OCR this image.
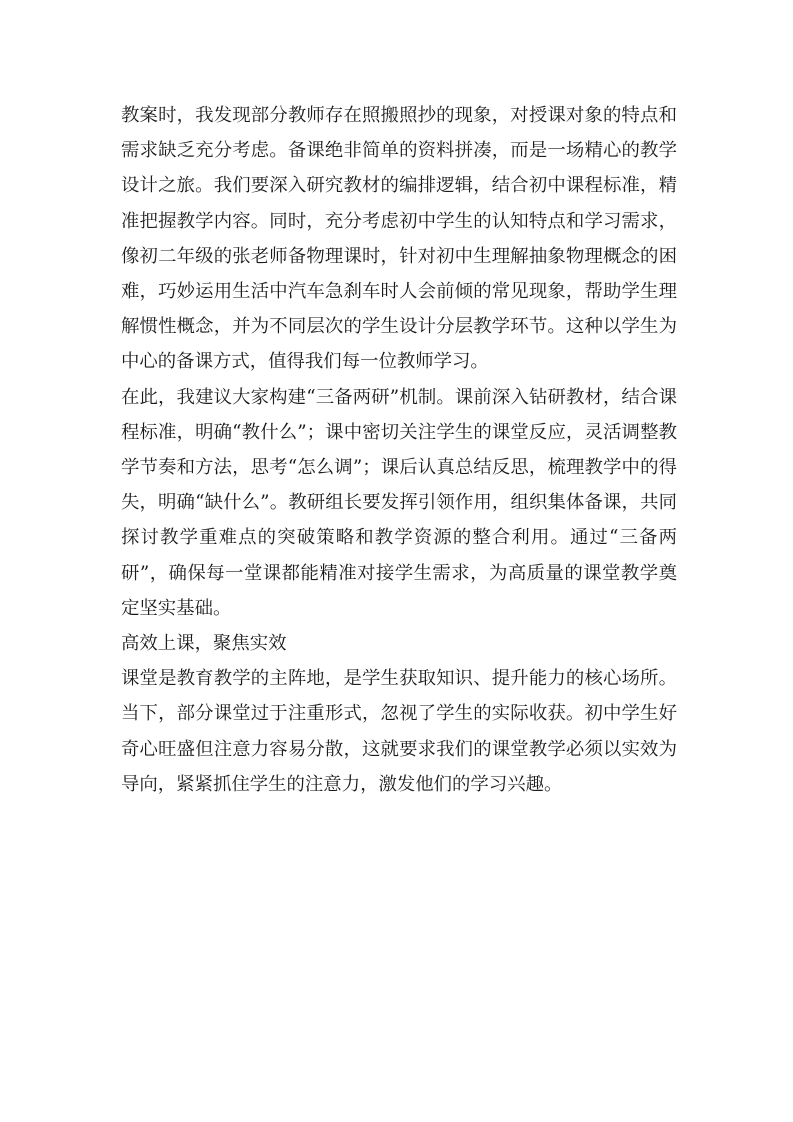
教案时，我发现部分教师存在照搬照抄的现象，对授课对象的特点和需求缺乏充分考虑。备课绝非简单的资料拼凑，而是一场精心的教学设计之旅。我们要深入研究教材的编排逻辑，结合初中课程标准，精准把握教学内容。同时，充分考虑初中学生的认知特点和学习需求，像初二年级的张老师备物理课时，针对初中生理解抽象物理概念的困难，巧妙运用生活中汽车急刹车时人会前倾的常见现象，帮助学生理解惯性概念，并为不同层次的学生设计分层教学环节。这种以学生为中心的备课方式，值得我们每一位教师学习。

在此，我建议大家构建“三备两研”机制。课前深入钻研教材，结合课程标准，明确“教什么”；课中密切关注学生的课堂反应，灵活调整教学节奏和方法，思考“怎么调”；课后认真总结反思，梳理教学中的得失，明确“缺什么”。教研组长要发挥引领作用，组织集体备课，共同探讨教学重难点的突破策略和教学资源的整合利用。通过“三备两研”，确保每一堂课都能精准对接学生需求，为高质量的课堂教学奠定坚实基础。

高效上课，聚焦实效

课堂是教育教学的主阵地，是学生获取知识、提升能力的核心场所。当下，部分课堂过于注重形式，忽视了学生的实际收获。初中学生好奇心旺盛但注意力容易分散，这就要求我们的课堂教学必须以实效为导向，紧紧抓住学生的注意力，激发他们的学习兴趣。
